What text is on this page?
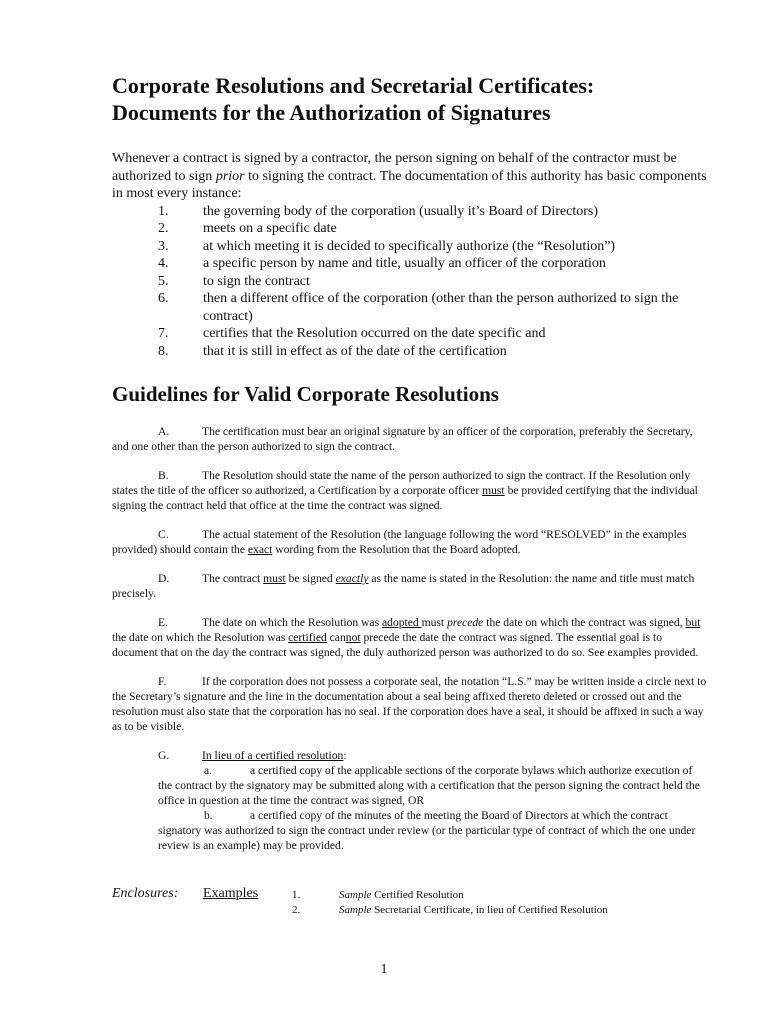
Corporate Resolutions and Secretarial Certificates:
Documents for the Authorization of Signatures

Whenever a contract is signed by a contractor, the person signing on behalf of the contractor must be authorized to sign prior to signing the contract. The documentation of this authority has basic components in most every instance:

1. the governing body of the corporation (usually it’s Board of Directors)
2. meets on a specific date
3. at which meeting it is decided to specifically authorize (the “Resolution”)
4. a specific person by name and title, usually an officer of the corporation
5. to sign the contract
6. then a different office of the corporation (other than the person authorized to sign the contract)
7. certifies that the Resolution occurred on the date specific and
8. that it is still in effect as of the date of the certification
Guidelines for Valid Corporate Resolutions

A.	The certification must bear an original signature by an officer of the corporation, preferably the Secretary, and one other than the person authorized to sign the contract.

B.	The Resolution should state the name of the person authorized to sign the contract. If the Resolution only states the title of the officer so authorized, a Certification by a corporate officer must be provided certifying that the individual signing the contract held that office at the time the contract was signed.

C.	The actual statement of the Resolution (the language following the word “RESOLVED” in the examples provided) should contain the exact wording from the Resolution that the Board adopted.

D.	The contract must be signed exactly as the name is stated in the Resolution: the name and title must match precisely.

E.	The date on which the Resolution was adopted must precede the date on which the contract was signed, but the date on which the Resolution was certified cannot precede the date the contract was signed. The essential goal is to document that on the day the contract was signed, the duly authorized person was authorized to do so. See examples provided.

F.	If the corporation does not possess a corporate seal, the notation “L.S.” may be written inside a circle next to the Secretary’s signature and the line in the documentation about a seal being affixed thereto deleted or crossed out and the resolution must also state that the corporation has no seal. If the corporation does have a seal, it should be affixed in such a way as to be visible.

G.	In lieu of a certified resolution:
a.	a certified copy of the applicable sections of the corporate bylaws which authorize execution of the contract by the signatory may be submitted along with a certification that the person signing the contract held the office in question at the time the contract was signed, OR
b.	a certified copy of the minutes of the meeting the Board of Directors at which the contract signatory was authorized to sign the contract under review (or the particular type of contract of which the one under review is an example) may be provided.
Enclosures: Examples	1.	Sample Certified Resolution
2.	Sample Secretarial Certificate, in lieu of Certified Resolution
1
